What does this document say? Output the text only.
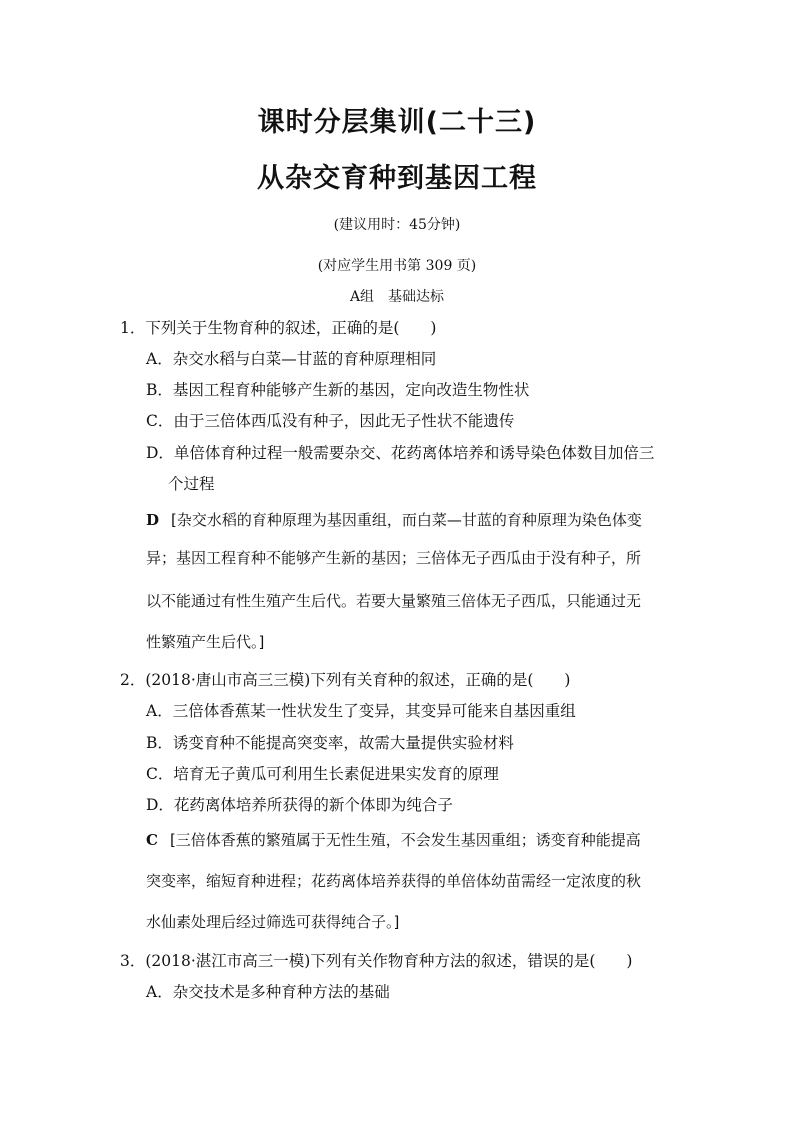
课时分层集训(二十三)
从杂交育种到基因工程
(建议用时：45分钟)
(对应学生用书第 309 页)
A组　基础达标
1．下列关于生物育种的叙述，正确的是(　　)
A．杂交水稻与白菜—甘蓝的育种原理相同
B．基因工程育种能够产生新的基因，定向改造生物性状
C．由于三倍体西瓜没有种子，因此无子性状不能遗传
D．单倍体育种过程一般需要杂交、花药离体培养和诱导染色体数目加倍三
个过程
D [杂交水稻的育种原理为基因重组，而白菜—甘蓝的育种原理为染色体变
异；基因工程育种不能够产生新的基因；三倍体无子西瓜由于没有种子，所
以不能通过有性生殖产生后代。若要大量繁殖三倍体无子西瓜，只能通过无
性繁殖产生后代。]
2．(2018·唐山市高三三模)下列有关育种的叙述，正确的是(　　)
A．三倍体香蕉某一性状发生了变异，其变异可能来自基因重组
B．诱变育种不能提高突变率，故需大量提供实验材料
C．培育无子黄瓜可利用生长素促进果实发育的原理
D．花药离体培养所获得的新个体即为纯合子
C [三倍体香蕉的繁殖属于无性生殖，不会发生基因重组；诱变育种能提高
突变率，缩短育种进程；花药离体培养获得的单倍体幼苗需经一定浓度的秋
水仙素处理后经过筛选可获得纯合子。]
3．(2018·湛江市高三一模)下列有关作物育种方法的叙述，错误的是(　　)
A．杂交技术是多种育种方法的基础
